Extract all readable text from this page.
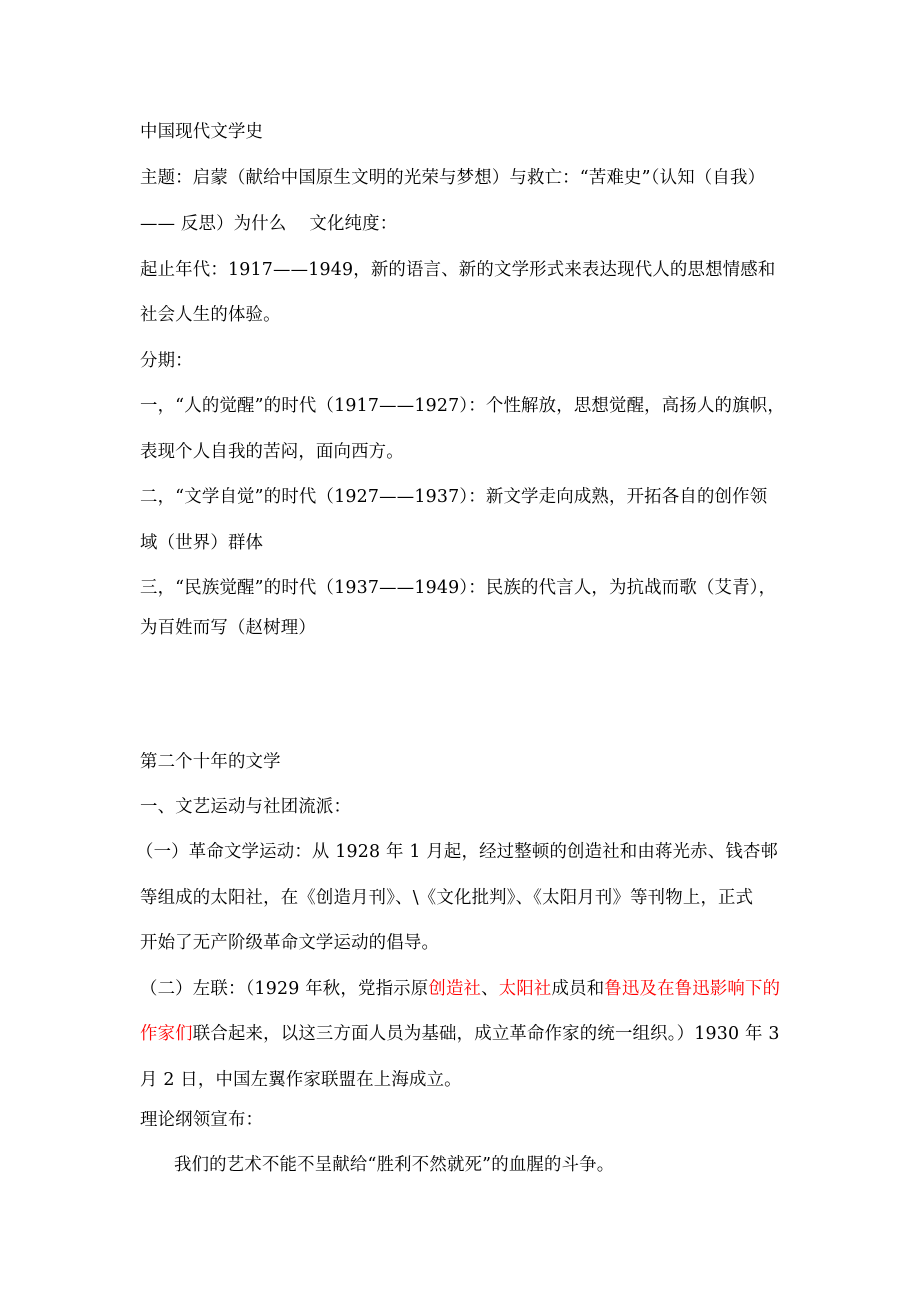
中国现代文学史
主题：启蒙（献给中国原生文明的光荣与梦想）与救亡：“苦难史”（认知（自我）
—— 反思）为什么    文化纯度：
起止年代：1917——1949，新的语言、新的文学形式来表达现代人的思想情感和
社会人生的体验。
分期：
一，“人的觉醒”的时代（1917——1927）：个性解放，思想觉醒，高扬人的旗帜，
表现个人自我的苦闷，面向西方。
二，“文学自觉”的时代（1927——1937）：新文学走向成熟，开拓各自的创作领
域（世界）群体
三，“民族觉醒”的时代（1937——1949）：民族的代言人，为抗战而歌（艾青），
为百姓而写（赵树理）
第二个十年的文学
一、文艺运动与社团流派：
（一）革命文学运动：从 1928 年 1 月起，经过整顿的创造社和由蒋光赤、钱杏邨
等组成的太阳社，在《创造月刊》、\《文化批判》、《太阳月刊》等刊物上，正式
开始了无产阶级革命文学运动的倡导。
（二）左联：（1929 年秋，党指示原创造社、太阳社成员和鲁迅及在鲁迅影响下的
作家们联合起来，以这三方面人员为基础，成立革命作家的统一组织。）1930 年 3
月 2 日，中国左翼作家联盟在上海成立。
理论纲领宣布：
我们的艺术不能不呈献给“胜利不然就死”的血腥的斗争。
